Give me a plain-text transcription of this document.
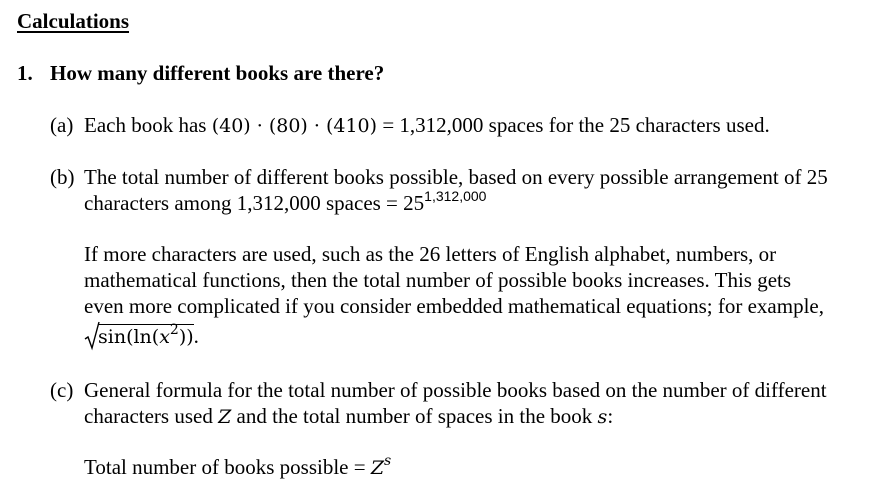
Calculations
1. How many different books are there?
(a) Each book has (40) · (80) · (410) = 1,312,000 spaces for the 25 characters used.
(b) The total number of different books possible, based on every possible arrangement of 25
characters among 1,312,000 spaces = $25^{1,312,000}$
If more characters are used, such as the 26 letters of English alphabet, numbers, or
mathematical functions, then the total number of possible books increases. This gets
even more complicated if you consider embedded mathematical equations; for example,
$\sin(\ln(x^2))$.
(c) General formula for the total number of possible books based on the number of different
characters used Z and the total number of spaces in the book s:
Total number of books possible = $Z^s$
